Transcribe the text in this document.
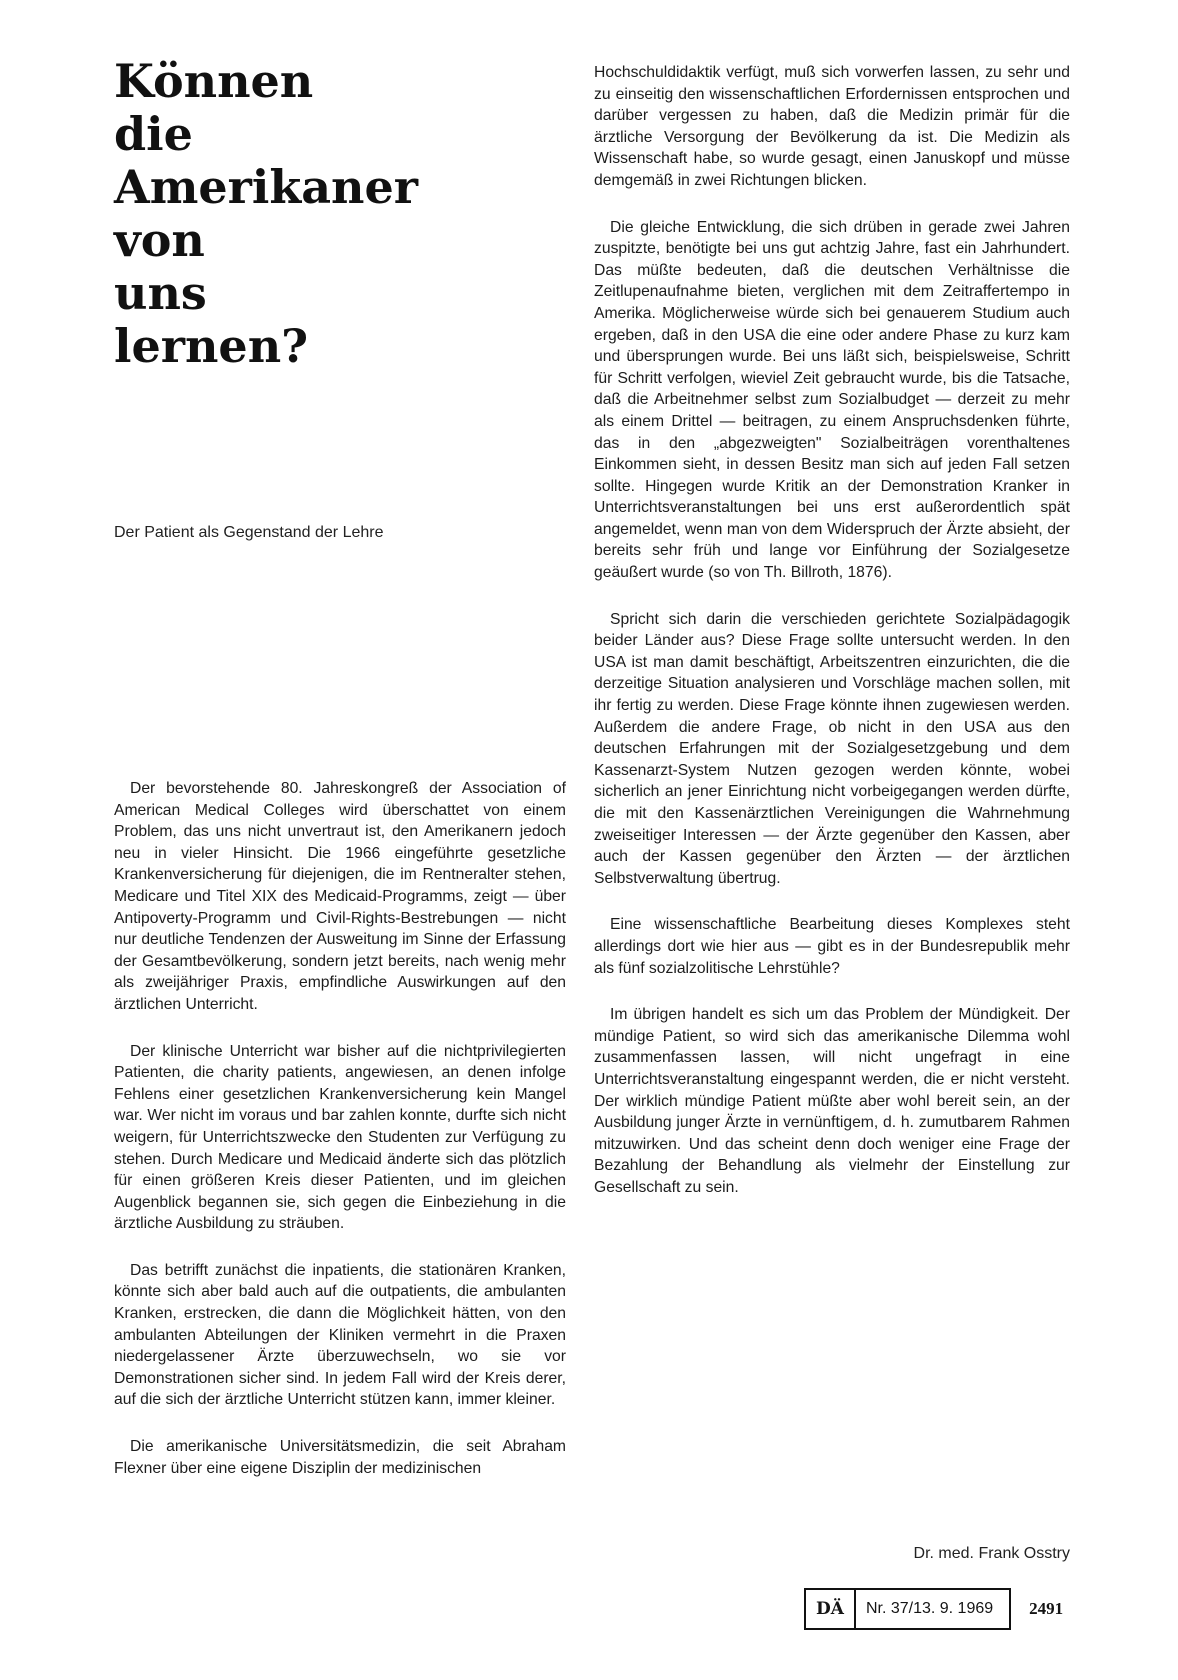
Können
die
Amerikaner
von
uns
lernen?

Der Patient als Gegenstand der Lehre

Der bevorstehende 80. Jahreskongreß der Association of American Medical Colleges wird überschattet von einem Problem, das uns nicht unvertraut ist, den Amerikanern jedoch neu in vieler Hinsicht. Die 1966 eingeführte gesetzliche Krankenversicherung für diejenigen, die im Rentneralter stehen, Medicare und Titel XIX des Medicaid-Programms, zeigt — über Antipoverty-Programm und Civil-Rights-Bestrebungen — nicht nur deutliche Tendenzen der Ausweitung im Sinne der Erfassung der Gesamtbevölkerung, sondern jetzt bereits, nach wenig mehr als zweijähriger Praxis, empfindliche Auswirkungen auf den ärztlichen Unterricht.

Der klinische Unterricht war bisher auf die nichtprivilegierten Patienten, die charity patients, angewiesen, an denen infolge Fehlens einer gesetzlichen Krankenversicherung kein Mangel war. Wer nicht im voraus und bar zahlen konnte, durfte sich nicht weigern, für Unterrichtszwecke den Studenten zur Verfügung zu stehen. Durch Medicare und Medicaid änderte sich das plötzlich für einen größeren Kreis dieser Patienten, und im gleichen Augenblick begannen sie, sich gegen die Einbeziehung in die ärztliche Ausbildung zu sträuben.

Das betrifft zunächst die inpatients, die stationären Kranken, könnte sich aber bald auch auf die outpatients, die ambulanten Kranken, erstrecken, die dann die Möglichkeit hätten, von den ambulanten Abteilungen der Kliniken vermehrt in die Praxen niedergelassener Ärzte überzuwechseln, wo sie vor Demonstrationen sicher sind. In jedem Fall wird der Kreis derer, auf die sich der ärztliche Unterricht stützen kann, immer kleiner.

Die amerikanische Universitätsmedizin, die seit Abraham Flexner über eine eigene Disziplin der medizinischen

Hochschuldidaktik verfügt, muß sich vorwerfen lassen, zu sehr und zu einseitig den wissenschaftlichen Erfordernissen entsprochen und darüber vergessen zu haben, daß die Medizin primär für die ärztliche Versorgung der Bevölkerung da ist. Die Medizin als Wissenschaft habe, so wurde gesagt, einen Januskopf und müsse demgemäß in zwei Richtungen blicken.

Die gleiche Entwicklung, die sich drüben in gerade zwei Jahren zuspitzte, benötigte bei uns gut achtzig Jahre, fast ein Jahrhundert. Das müßte bedeuten, daß die deutschen Verhältnisse die Zeitlupenaufnahme bieten, verglichen mit dem Zeitraffertempo in Amerika. Möglicherweise würde sich bei genauerem Studium auch ergeben, daß in den USA die eine oder andere Phase zu kurz kam und übersprungen wurde. Bei uns läßt sich, beispielsweise, Schritt für Schritt verfolgen, wieviel Zeit gebraucht wurde, bis die Tatsache, daß die Arbeitnehmer selbst zum Sozialbudget — derzeit zu mehr als einem Drittel — beitragen, zu einem Anspruchsdenken führte, das in den „abgezweigten" Sozialbeiträgen vorenthaltenes Einkommen sieht, in dessen Besitz man sich auf jeden Fall setzen sollte. Hingegen wurde Kritik an der Demonstration Kranker in Unterrichtsveranstaltungen bei uns erst außerordentlich spät angemeldet, wenn man von dem Widerspruch der Ärzte absieht, der bereits sehr früh und lange vor Einführung der Sozialgesetze geäußert wurde (so von Th. Billroth, 1876).

Spricht sich darin die verschieden gerichtete Sozialpädagogik beider Länder aus? Diese Frage sollte untersucht werden. In den USA ist man damit beschäftigt, Arbeitszentren einzurichten, die die derzeitige Situation analysieren und Vorschläge machen sollen, mit ihr fertig zu werden. Diese Frage könnte ihnen zugewiesen werden. Außerdem die andere Frage, ob nicht in den USA aus den deutschen Erfahrungen mit der Sozialgesetzgebung und dem Kassenarzt-System Nutzen gezogen werden könnte, wobei sicherlich an jener Einrichtung nicht vorbeigegangen werden dürfte, die mit den Kassenärztlichen Vereinigungen die Wahrnehmung zweiseitiger Interessen — der Ärzte gegenüber den Kassen, aber auch der Kassen gegenüber den Ärzten — der ärztlichen Selbstverwaltung übertrug.

Eine wissenschaftliche Bearbeitung dieses Komplexes steht allerdings dort wie hier aus — gibt es in der Bundesrepublik mehr als fünf sozialzolitische Lehrstühle?

Im übrigen handelt es sich um das Problem der Mündigkeit. Der mündige Patient, so wird sich das amerikanische Dilemma wohl zusammenfassen lassen, will nicht ungefragt in eine Unterrichtsveranstaltung eingespannt werden, die er nicht versteht. Der wirklich mündige Patient müßte aber wohl bereit sein, an der Ausbildung junger Ärzte in vernünftigem, d. h. zumutbarem Rahmen mitzuwirken. Und das scheint denn doch weniger eine Frage der Bezahlung der Behandlung als vielmehr der Einstellung zur Gesellschaft zu sein.

Dr. med. Frank Osstry
DÄ	Nr. 37/13. 9. 1969	2491
